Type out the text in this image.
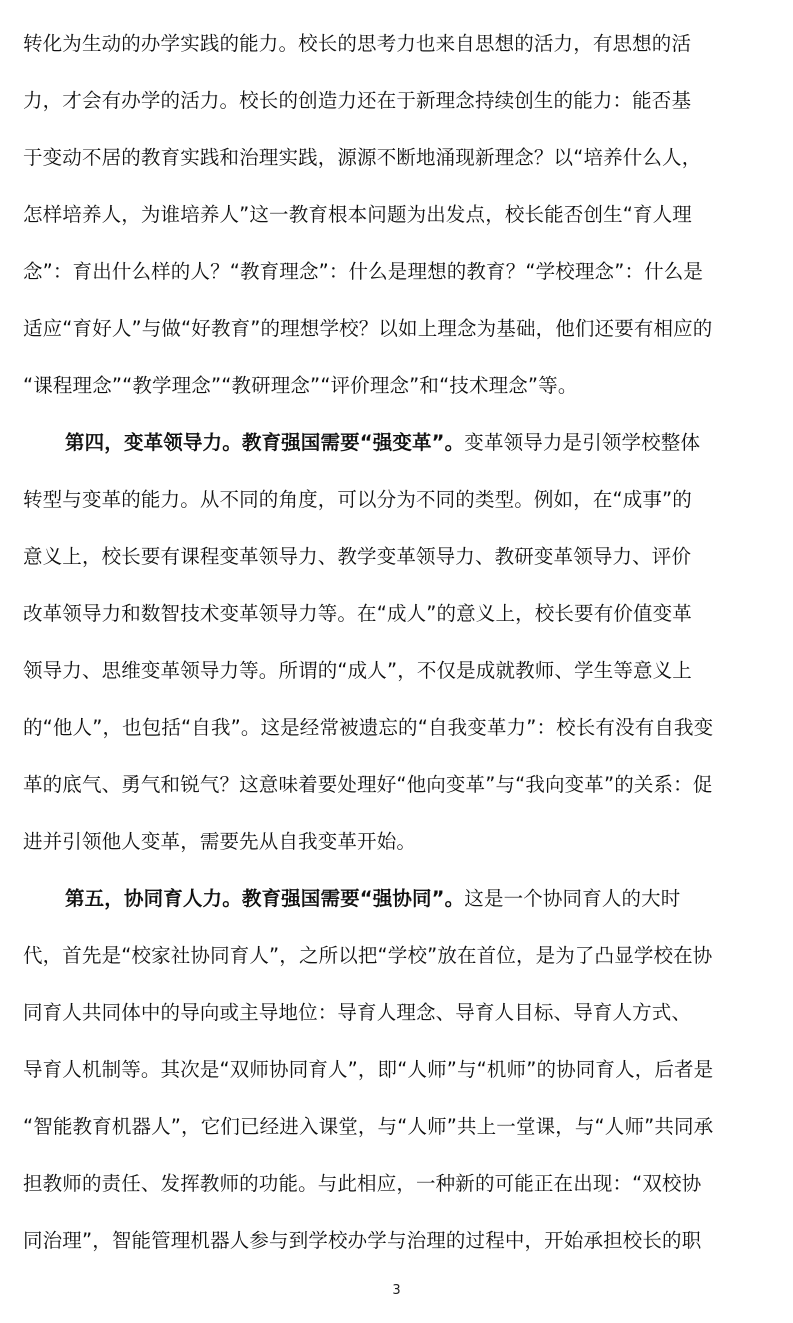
转化为生动的办学实践的能力。校长的思考力也来自思想的活力，有思想的活
力，才会有办学的活力。校长的创造力还在于新理念持续创生的能力：能否基
于变动不居的教育实践和治理实践，源源不断地涌现新理念？以“培养什么人，
怎样培养人，为谁培养人”这一教育根本问题为出发点，校长能否创生“育人理
念”：育出什么样的人？“教育理念”：什么是理想的教育？“学校理念”：什么是
适应“育好人”与做“好教育”的理想学校？以如上理念为基础，他们还要有相应的
“课程理念”“教学理念”“教研理念”“评价理念”和“技术理念”等。
第四，变革领导力。教育强国需要“强变革”。变革领导力是引领学校整体
转型与变革的能力。从不同的角度，可以分为不同的类型。例如，在“成事”的
意义上，校长要有课程变革领导力、教学变革领导力、教研变革领导力、评价
改革领导力和数智技术变革领导力等。在“成人”的意义上，校长要有价值变革
领导力、思维变革领导力等。所谓的“成人”，不仅是成就教师、学生等意义上
的“他人”，也包括“自我”。这是经常被遗忘的“自我变革力”：校长有没有自我变
革的底气、勇气和锐气？这意味着要处理好“他向变革”与“我向变革”的关系：促
进并引领他人变革，需要先从自我变革开始。
第五，协同育人力。教育强国需要“强协同”。这是一个协同育人的大时
代，首先是“校家社协同育人”，之所以把“学校”放在首位，是为了凸显学校在协
同育人共同体中的导向或主导地位：导育人理念、导育人目标、导育人方式、
导育人机制等。其次是“双师协同育人”，即“人师”与“机师”的协同育人，后者是
“智能教育机器人”，它们已经进入课堂，与“人师”共上一堂课，与“人师”共同承
担教师的责任、发挥教师的功能。与此相应，一种新的可能正在出现：“双校协
同治理”，智能管理机器人参与到学校办学与治理的过程中，开始承担校长的职
3
